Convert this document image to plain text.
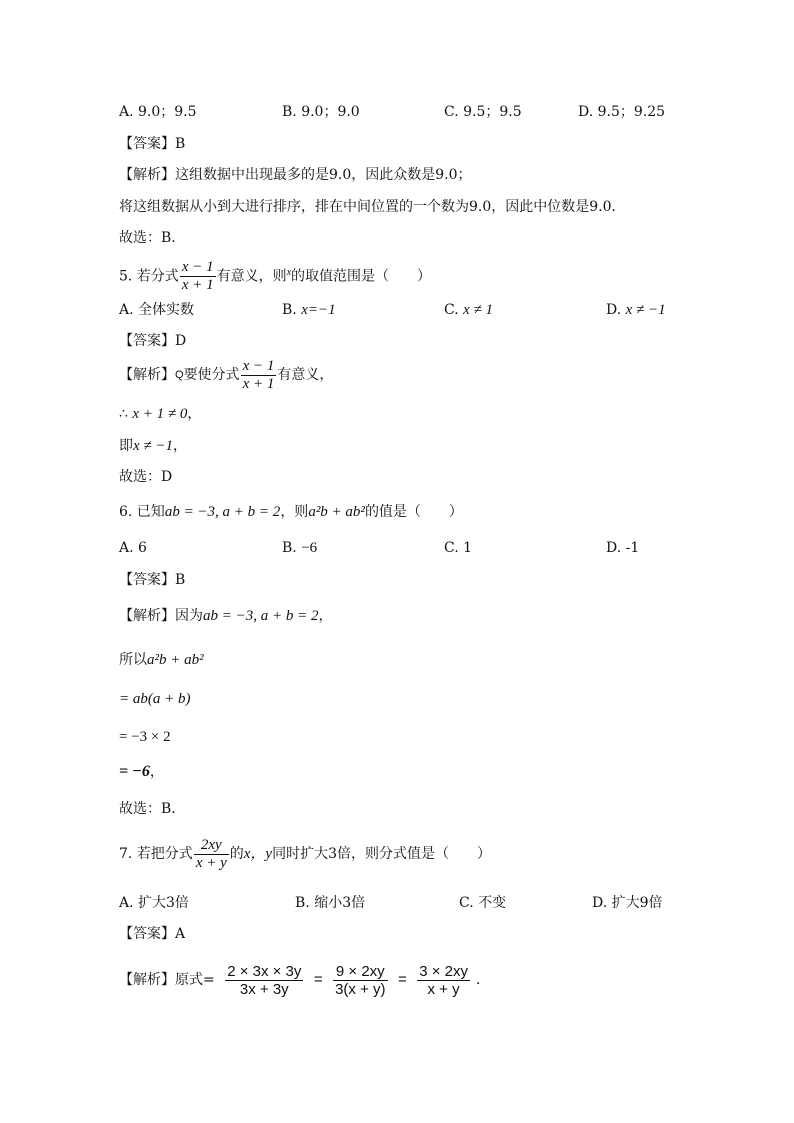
A. 9.0；9.5	B. 9.0；9.0	C. 9.5；9.5	D. 9.5；9.25
【答案】B
【解析】这组数据中出现最多的是9.0，因此众数是9.0；
将这组数据从小到大进行排序，排在中间位置的一个数为9.0，因此中位数是9.0．
故选：B．
5. 若分式 $\frac{x - 1}{x + 1}$ 有意义，则$^x$的取值范围是（　　）
A. 全体实数	B. x=−1	C. x ≠ 1	D. x ≠ −1
【答案】D
【解析】$^Q$要使分式 $\frac{x - 1}{x + 1}$ 有意义，
∴ x + 1 ≠ 0，
即x ≠ −1，
故选：D
6. 已知ab = −3, a + b = 2，则a²b + ab²的值是（　　）
A. 6	B. −6	C. 1	D. -1
【答案】B
【解析】因为ab = −3, a + b = 2，
所以a²b + ab²
= ab(a + b)
= −3 × 2
= −6，
故选：B．
7. 若把分式 $\frac{2xy}{x + y}$ 的x，y同时扩大3倍，则分式值是（　　）
A. 扩大3倍	B. 缩小3倍	C. 不变	D. 扩大9倍
【答案】A
【解析】原式= $\frac{2 \times 3x \times 3y}{3x + 3y} = \frac{9 \times 2xy}{3(x + y)} = \frac{3 \times 2xy}{x + y}$ ．
